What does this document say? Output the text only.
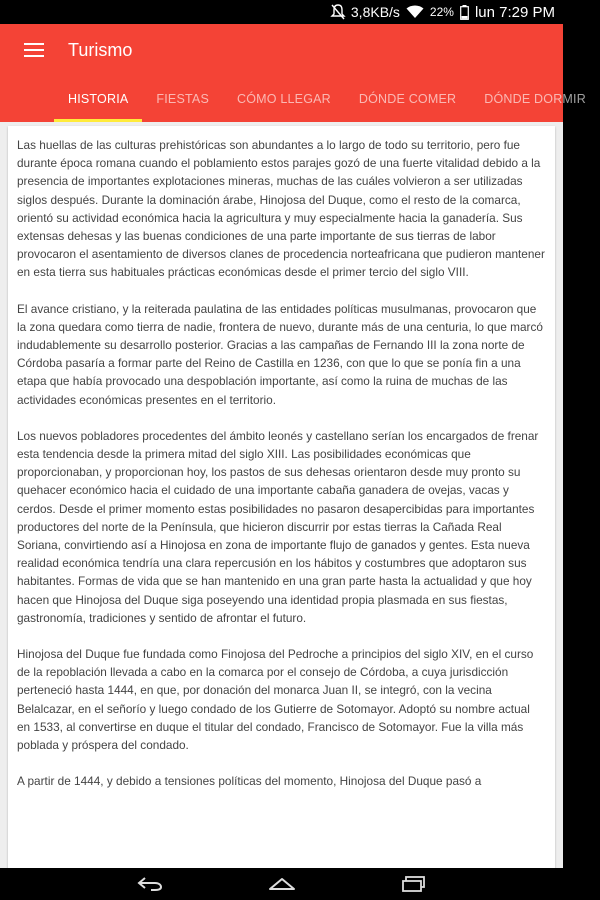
3,8KB/s	22% lun 7:29 PM
Turismo
HISTORIA	FIESTAS	CÓMO LLEGAR	DÓNDE COMER	DÓNDE DORMIR

Las huellas de las culturas prehistóricas son abundantes a lo largo de todo su territorio, pero fue durante época romana cuando el poblamiento estos parajes gozó de una fuerte vitalidad debido a la presencia de importantes explotaciones mineras, muchas de las cuáles volvieron a ser utilizadas siglos después. Durante la dominación árabe, Hinojosa del Duque, como el resto de la comarca, orientó su actividad económica hacia la agricultura y muy especialmente hacia la ganadería. Sus extensas dehesas y las buenas condiciones de una parte importante de sus tierras de labor provocaron el asentamiento de diversos clanes de procedencia norteafricana que pudieron mantener en esta tierra sus habituales prácticas económicas desde el primer tercio del siglo VIII.

El avance cristiano, y la reiterada paulatina de las entidades políticas musulmanas, provocaron que la zona quedara como tierra de nadie, frontera de nuevo, durante más de una centuria, lo que marcó indudablemente su desarrollo posterior. Gracias a las campañas de Fernando III la zona norte de Córdoba pasaría a formar parte del Reino de Castilla en 1236, con que lo que se ponía fin a una etapa que había provocado una despoblación importante, así como la ruina de muchas de las actividades económicas presentes en el territorio.

Los nuevos pobladores procedentes del ámbito leonés y castellano serían los encargados de frenar esta tendencia desde la primera mitad del siglo XIII. Las posibilidades económicas que proporcionaban, y proporcionan hoy, los pastos de sus dehesas orientaron desde muy pronto su quehacer económico hacia el cuidado de una importante cabaña ganadera de ovejas, vacas y cerdos. Desde el primer momento estas posibilidades no pasaron desapercibidas para importantes productores del norte de la Península, que hicieron discurrir por estas tierras la Cañada Real Soriana, convirtiendo así a Hinojosa en zona de importante flujo de ganados y gentes. Esta nueva realidad económica tendría una clara repercusión en los hábitos y costumbres que adoptaron sus habitantes. Formas de vida que se han mantenido en una gran parte hasta la actualidad y que hoy hacen que Hinojosa del Duque siga poseyendo una identidad propia plasmada en sus fiestas, gastronomía, tradiciones y sentido de afrontar el futuro.

Hinojosa del Duque fue fundada como Finojosa del Pedroche a principios del siglo XIV, en el curso de la repoblación llevada a cabo en la comarca por el consejo de Córdoba, a cuya jurisdicción perteneció hasta 1444, en que, por donación del monarca Juan II, se integró, con la vecina Belalcazar, en el señorío y luego condado de los Gutierre de Sotomayor. Adoptó su nombre actual en 1533, al convertirse en duque el titular del condado, Francisco de Sotomayor. Fue la villa más poblada y próspera del condado.

A partir de 1444, y debido a tensiones políticas del momento, Hinojosa del Duque pasó a
